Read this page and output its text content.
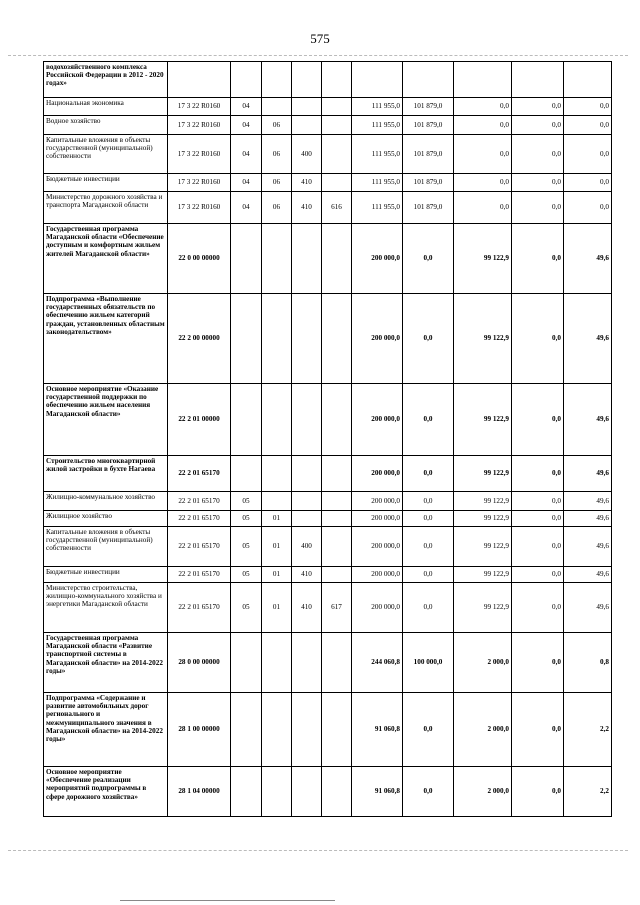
575
водохозяйственного комплекса Российской Федерации в 2012 - 2020 годах»										
Национальная экономика	17 3 22 R0160	04				111 955,0	101 879,0	0,0	0,0	0,0
Водное хозяйство	17 3 22 R0160	04	06			111 955,0	101 879,0	0,0	0,0	0,0
Капитальные вложения в объекты государственной (муниципальной) собственности	17 3 22 R0160	04	06	400		111 955,0	101 879,0	0,0	0,0	0,0
Бюджетные инвестиции	17 3 22 R0160	04	06	410		111 955,0	101 879,0	0,0	0,0	0,0
Министерство дорожного хозяйства и транспорта Магаданской области	17 3 22 R0160	04	06	410	616	111 955,0	101 879,0	0,0	0,0	0,0
Государственная программа Магаданской области «Обеспечение доступным и комфортным жильем жителей Магаданской области»	22 0 00 00000					200 000,0	0,0	99 122,9	0,0	49,6
Подпрограмма «Выполнение государственных обязательств по обеспечению жильем категорий граждан, установленных областным законодательством»	22 2 00 00000					200 000,0	0,0	99 122,9	0,0	49,6
Основное мероприятие «Оказание государственной поддержки по обеспечению жильем населения Магаданской области»	22 2 01 00000					200 000,0	0,0	99 122,9	0,0	49,6
Строительство многоквартирной жилой застройки в бухте Нагаева	22 2 01 65170					200 000,0	0,0	99 122,9	0,0	49,6
Жилищно-коммунальное хозяйство	22 2 01 65170	05				200 000,0	0,0	99 122,9	0,0	49,6
Жилищное хозяйство	22 2 01 65170	05	01			200 000,0	0,0	99 122,9	0,0	49,6
Капитальные вложения в объекты государственной (муниципальной) собственности	22 2 01 65170	05	01	400		200 000,0	0,0	99 122,9	0,0	49,6
Бюджетные инвестиции	22 2 01 65170	05	01	410		200 000,0	0,0	99 122,9	0,0	49,6
Министерство строительства, жилищно-коммунального хозяйства и энергетики Магаданской области	22 2 01 65170	05	01	410	617	200 000,0	0,0	99 122,9	0,0	49,6
Государственная программа Магаданской области «Развитие транспортной системы в Магаданской области» на 2014-2022 годы»	28 0 00 00000					244 060,8	100 000,0	2 000,0	0,0	0,8
Подпрограмма «Содержание и развитие автомобильных дорог регионального и межмуниципального значения в Магаданской области» на 2014-2022 годы»	28 1 00 00000					91 060,8	0,0	2 000,0	0,0	2,2
Основное мероприятие «Обеспечение реализации мероприятий подпрограммы в сфере дорожного хозяйства»	28 1 04 00000					91 060,8	0,0	2 000,0	0,0	2,2
